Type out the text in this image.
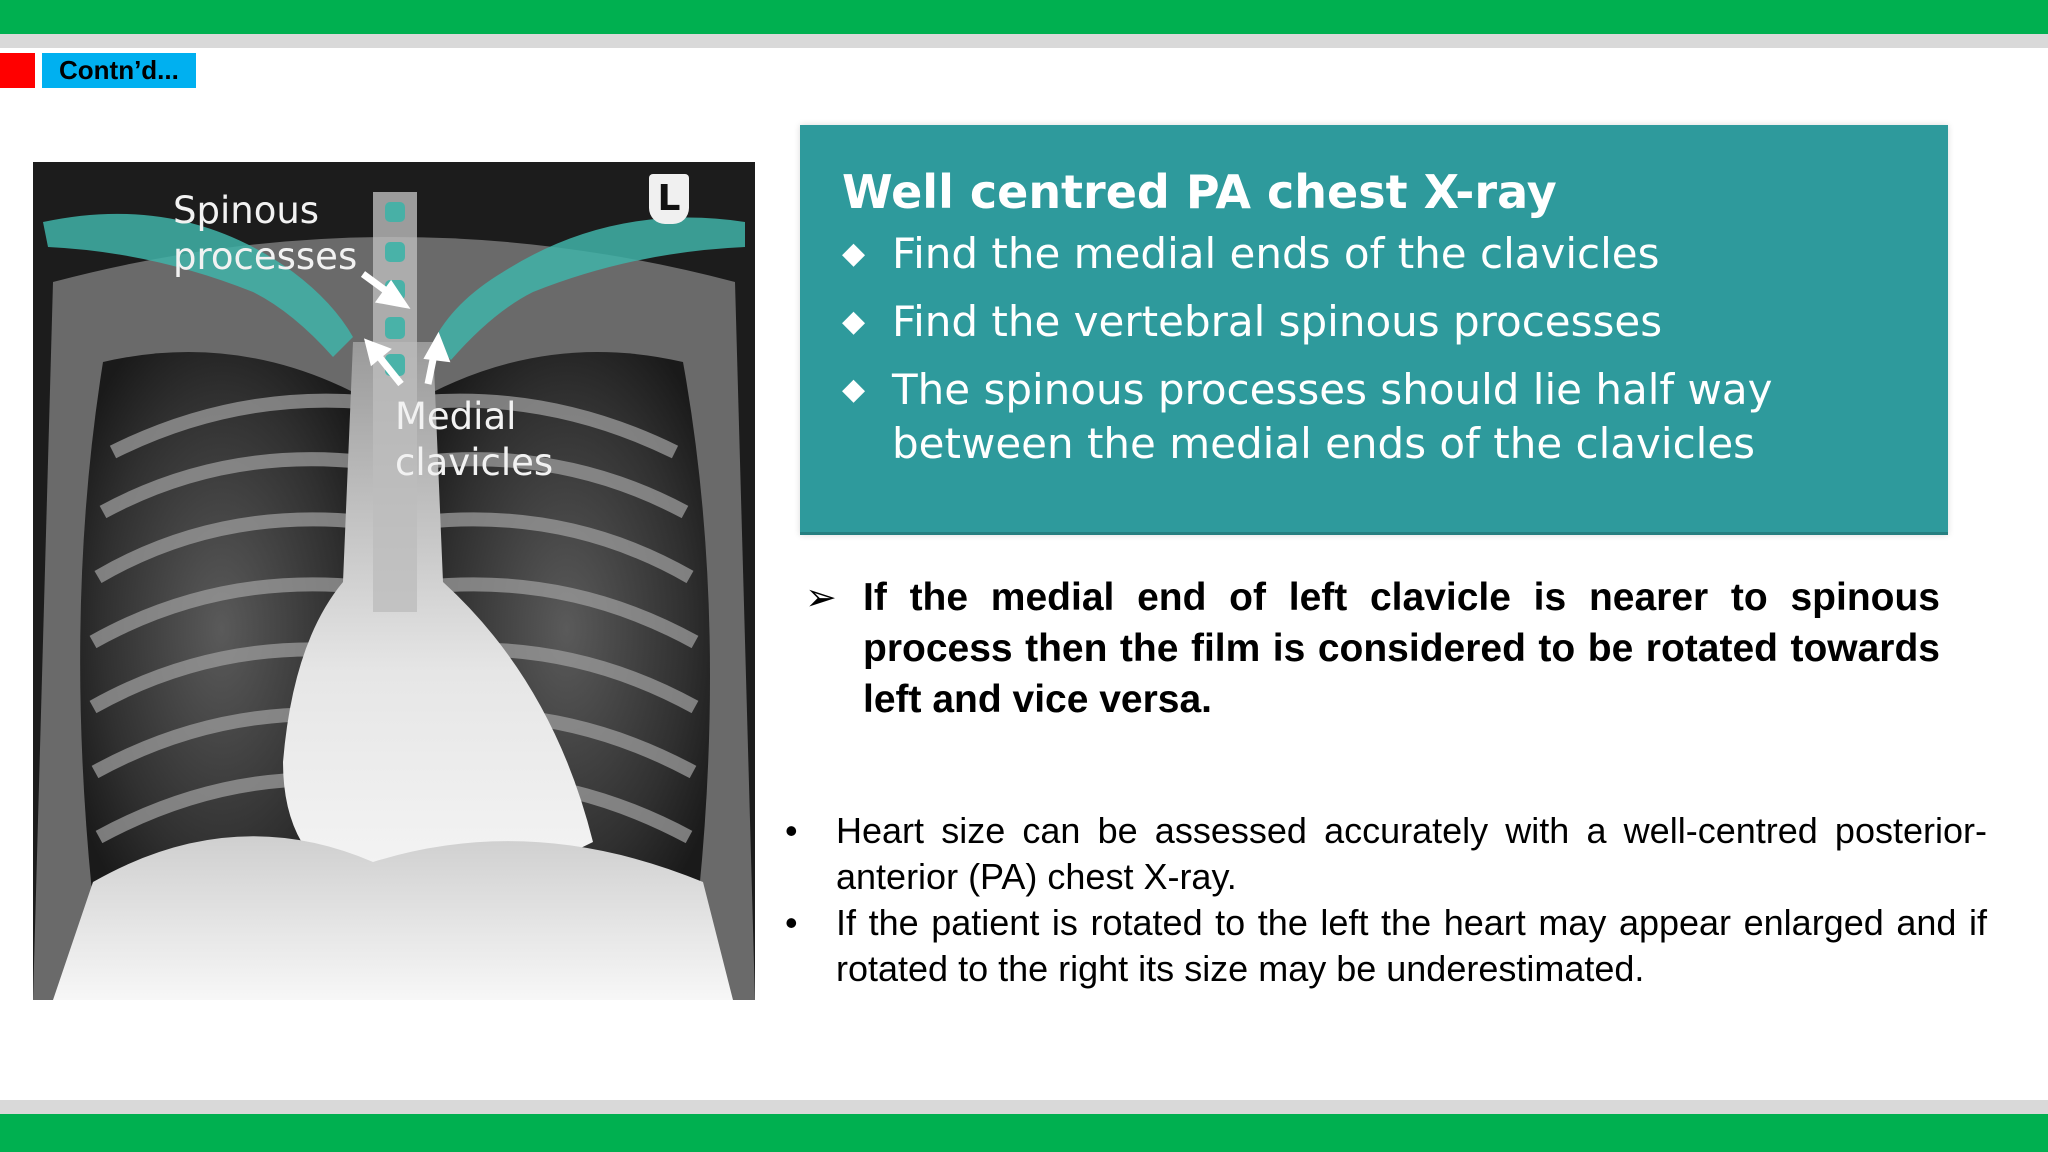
Contn’d...
Spinous
processes
Medial
clavicles
L	Well centred PA chest X-ray
◆ Find the medial ends of the clavicles
◆ Find the vertebral spinous processes
◆ The spinous processes should lie half way between the medial ends of the clavicles
➢ If the medial end of left clavicle is nearer to spinous process then the film is considered to be rotated towards left and vice versa.
•	Heart size can be assessed accurately with a well-centred posterior-anterior (PA) chest X-ray.
•	If the patient is rotated to the left the heart may appear enlarged and if rotated to the right its size may be underestimated.
